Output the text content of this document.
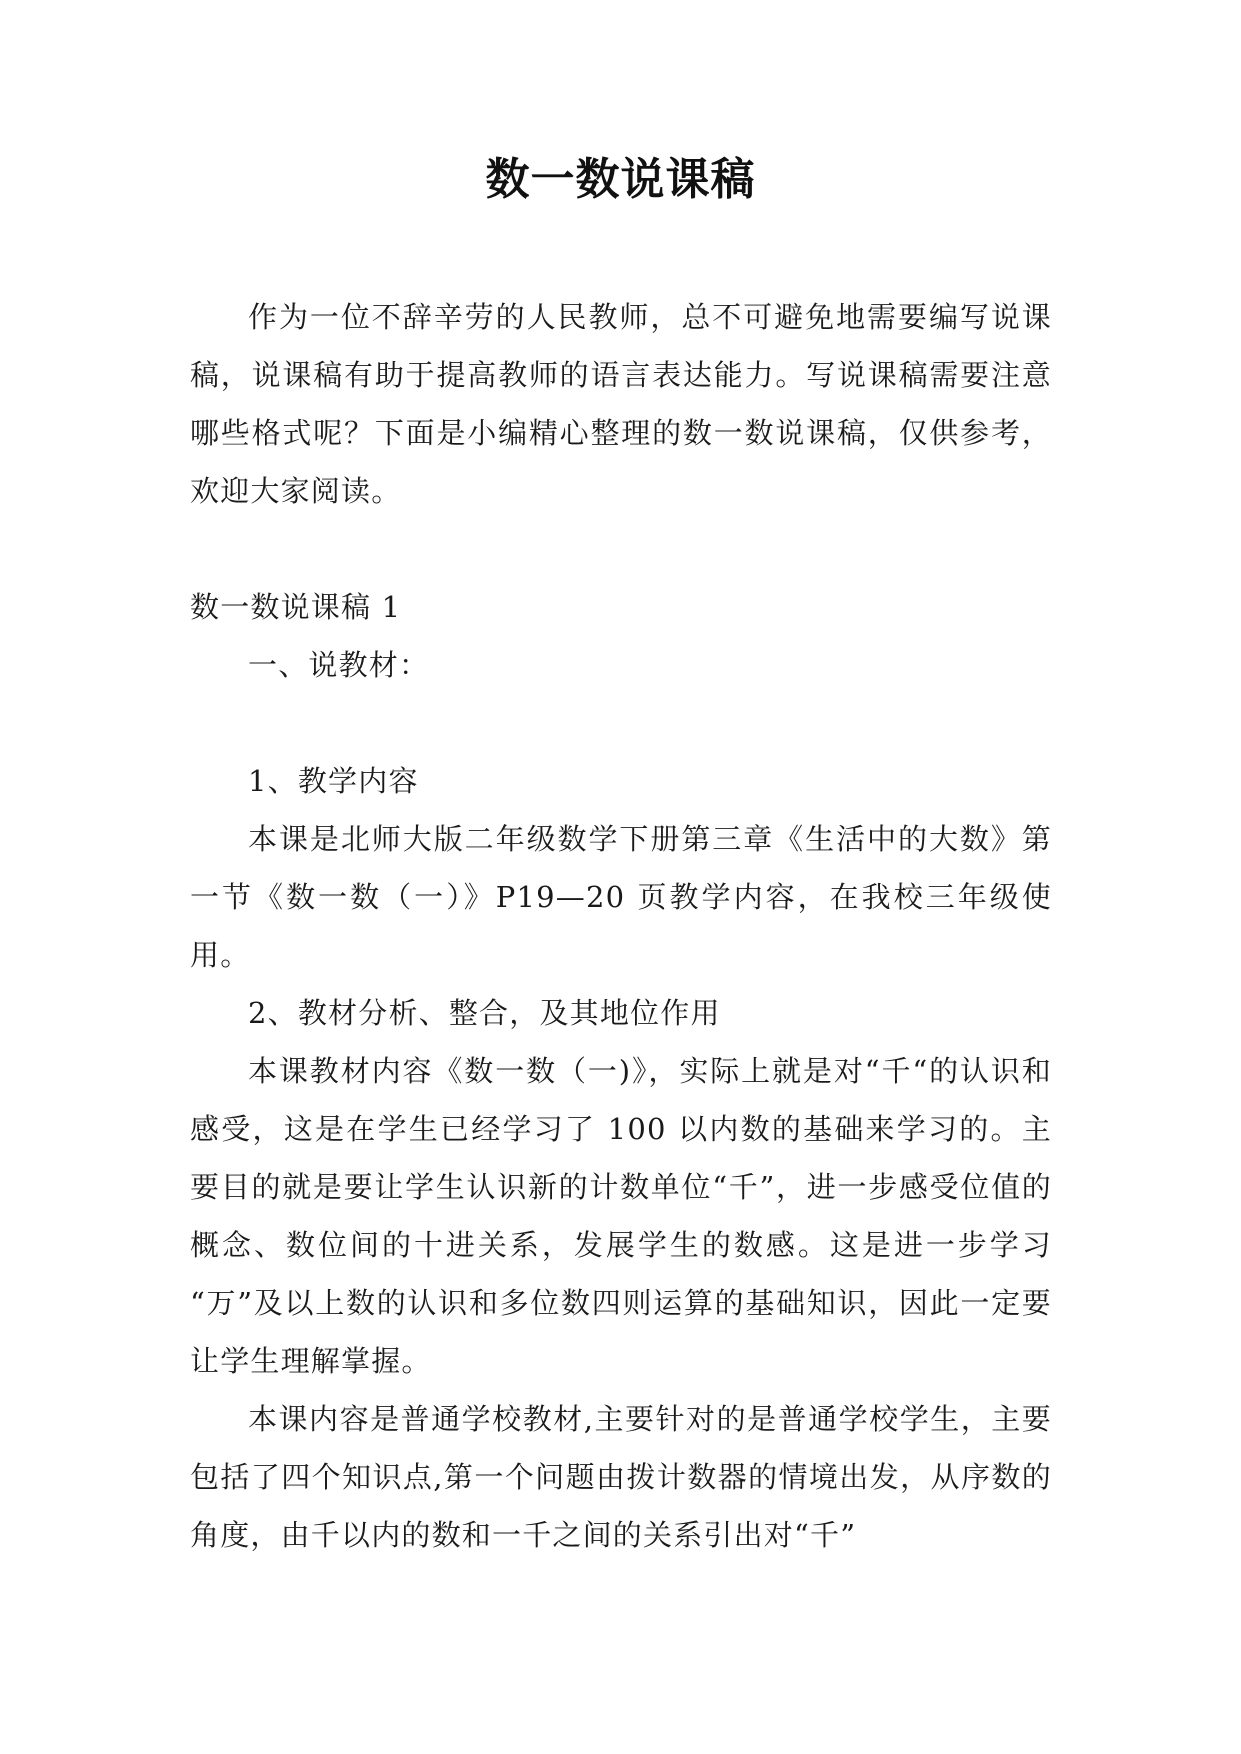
数一数说课稿

作为一位不辞辛劳的人民教师，总不可避免地需要编写说课稿，说课稿有助于提高教师的语言表达能力。写说课稿需要注意哪些格式呢？下面是小编精心整理的数一数说课稿，仅供参考，欢迎大家阅读。

数一数说课稿 1

一、说教材：

1、教学内容

本课是北师大版二年级数学下册第三章《生活中的大数》第一节《数一数（一）》P19—20 页教学内容，在我校三年级使用。

2、教材分析、整合，及其地位作用

本课教材内容《数一数（一)》，实际上就是对“千“的认识和感受，这是在学生已经学习了 100 以内数的基础来学习的。主要目的就是要让学生认识新的计数单位“千”，进一步感受位值的概念、数位间的十进关系，发展学生的数感。这是进一步学习 “万”及以上数的认识和多位数四则运算的基础知识，因此一定要让学生理解掌握。

本课内容是普通学校教材,主要针对的是普通学校学生，主要包括了四个知识点,第一个问题由拨计数器的情境出发，从序数的角度，由千以内的数和一千之间的关系引出对“千”
